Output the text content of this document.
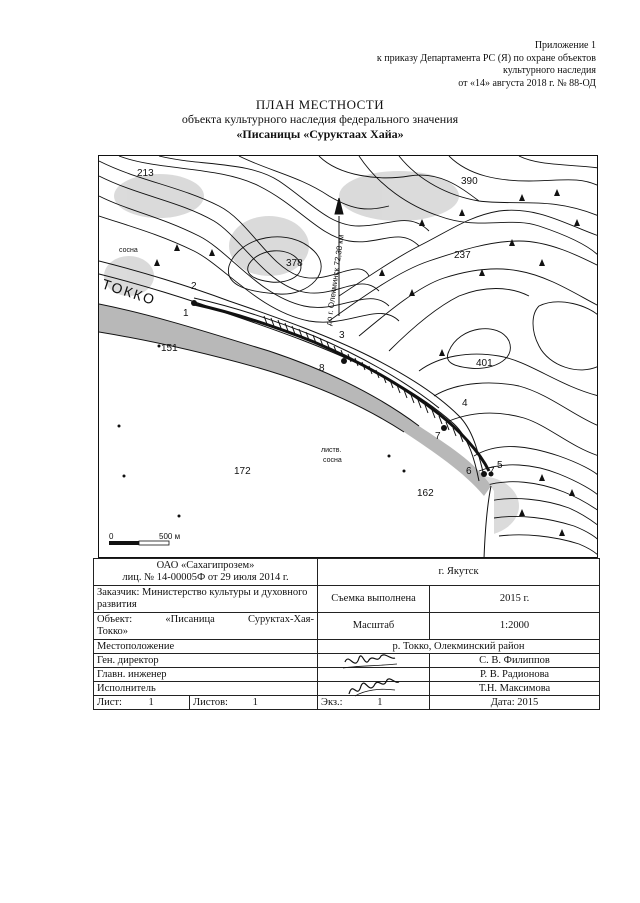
Приложение 1
к приказу Департамента РС (Я) по охране объектов
культурного наследия
от «14» августа 2018 г. № 88-ОД
ПЛАН МЕСТНОСТИ
объекта культурного наследия федерального значения
«Писаницы «Суруктаах Хайа»
213
390
378
237
151
401
172
162
сосна
листв.
сосна
1
2
3
4
5
6
7
7
8
ТОККО	до г. Олекминск 72,38 км
0	500 м
ОАО «Сахагипрозем»
лиц. № 14-00005Ф от 29 июля 2014 г.		г. Якутск	
Заказчик: Министерство культуры и духовного развития		Съемка выполнена	2015 г.

Объект: «Писаница Суруктах-Хая-
Токко»		Масштаб	1:2000
Местоположение		р. Токко, Олекминский район	
Ген. директор			С. В. Филиппов
Главн. инженер			Р. В. Радионова
Исполнитель			Т.Н. Максимова
Лист: 1	Листов: 1	Экз.: 1	Дата: 2015
